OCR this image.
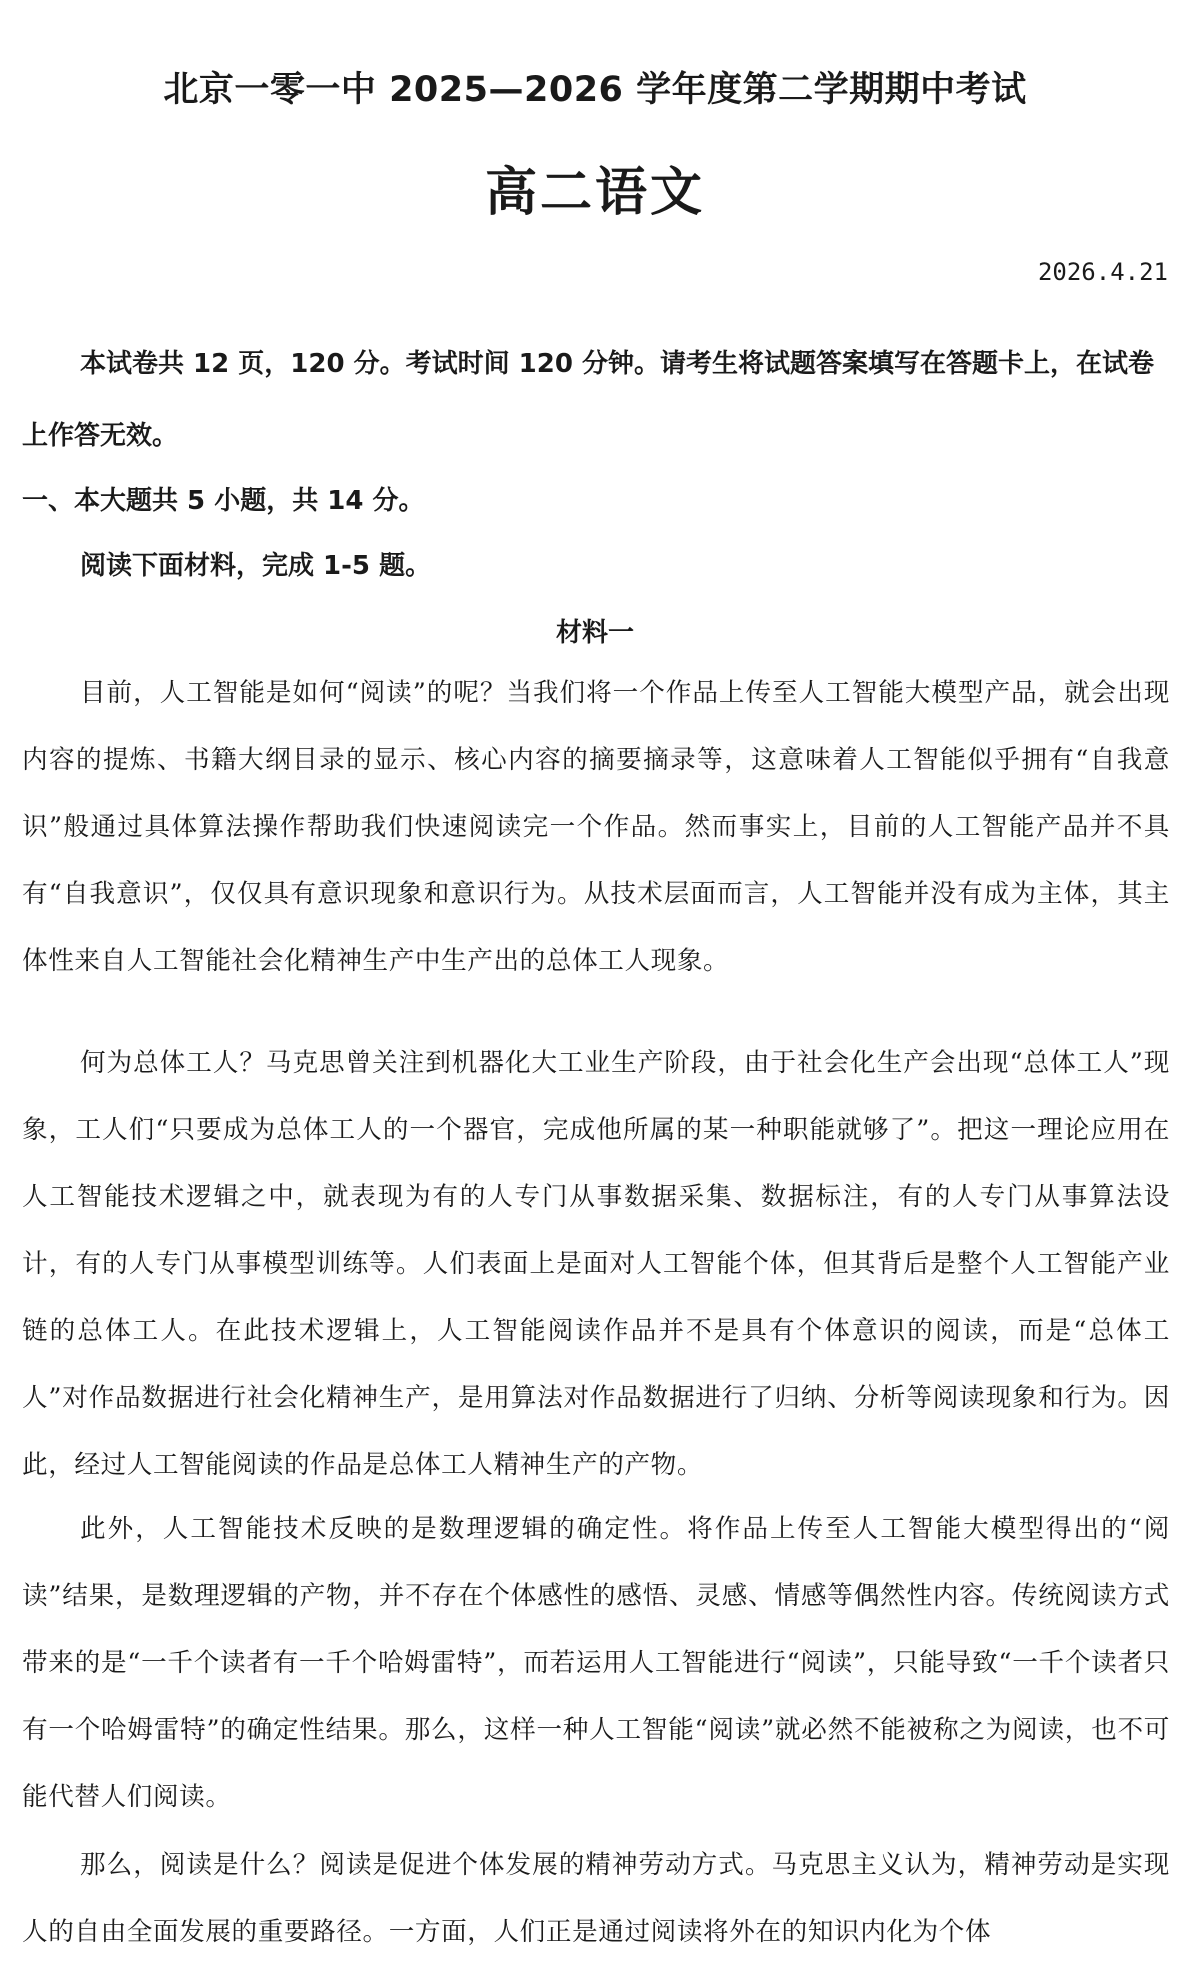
北京一零一中 2025—2026 学年度第二学期期中考试
高二语文
2026.4.21
本试卷共 12 页，120 分。考试时间 120 分钟。请考生将试题答案填写在答题卡上，在试卷上作答无效。
一、本大题共 5 小题，共 14 分。
阅读下面材料，完成 1-5 题。
材料一

目前，人工智能是如何“阅读”的呢？当我们将一个作品上传至人工智能大模型产品，就会出现内容的提炼、书籍大纲目录的显示、核心内容的摘要摘录等，这意味着人工智能似乎拥有“自我意识”般通过具体算法操作帮助我们快速阅读完一个作品。然而事实上，目前的人工智能产品并不具有“自我意识”，仅仅具有意识现象和意识行为。从技术层面而言，人工智能并没有成为主体，其主体性来自人工智能社会化精神生产中生产出的总体工人现象。

何为总体工人？马克思曾关注到机器化大工业生产阶段，由于社会化生产会出现“总体工人”现象，工人们“只要成为总体工人的一个器官，完成他所属的某一种职能就够了”。把这一理论应用在人工智能技术逻辑之中，就表现为有的人专门从事数据采集、数据标注，有的人专门从事算法设计，有的人专门从事模型训练等。人们表面上是面对人工智能个体，但其背后是整个人工智能产业链的总体工人。在此技术逻辑上，人工智能阅读作品并不是具有个体意识的阅读，而是“总体工人”对作品数据进行社会化精神生产，是用算法对作品数据进行了归纳、分析等阅读现象和行为。因此，经过人工智能阅读的作品是总体工人精神生产的产物。

此外，人工智能技术反映的是数理逻辑的确定性。将作品上传至人工智能大模型得出的“阅读”结果，是数理逻辑的产物，并不存在个体感性的感悟、灵感、情感等偶然性内容。传统阅读方式带来的是“一千个读者有一千个哈姆雷特”，而若运用人工智能进行“阅读”，只能导致“一千个读者只有一个哈姆雷特”的确定性结果。那么，这样一种人工智能“阅读”就必然不能被称之为阅读，也不可能代替人们阅读。

那么，阅读是什么？阅读是促进个体发展的精神劳动方式。马克思主义认为，精神劳动是实现人的自由全面发展的重要路径。一方面，人们正是通过阅读将外在的知识内化为个体
